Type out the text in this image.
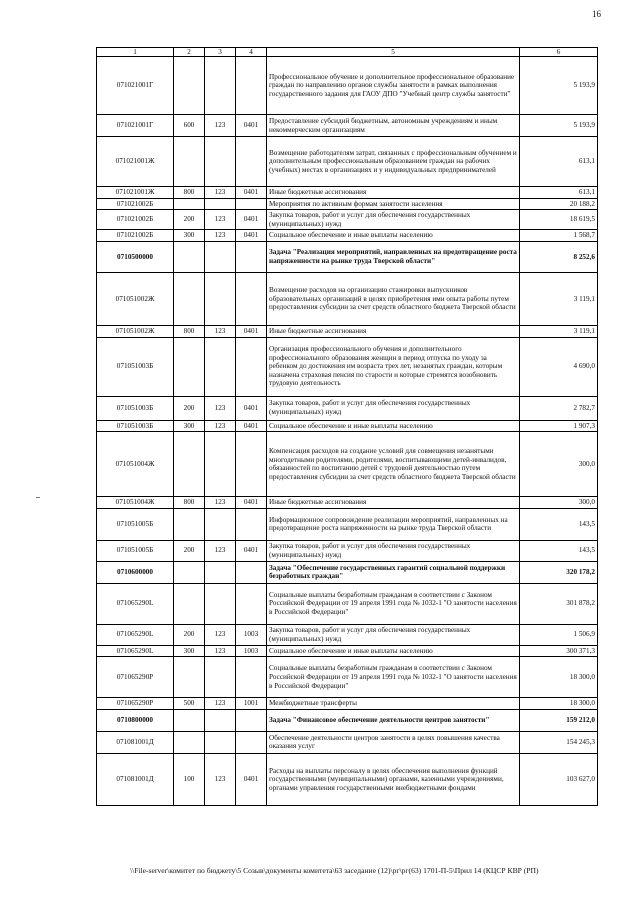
16
1	2	3	4	5	6
071021001Г				Профессиональное обучение и дополнительное профессиональное образование граждан по направлению органов службы занятости в рамках выполнения государственного задания для ГАОУ ДПО "Учебный центр службы занятости"	5 193,9
071021001Г	600	123	0401	Предоставление субсидий бюджетным, автономным учреждениям и иным некоммерческим организациям	5 193,9
071021001Ж				Возмещение работодателям затрат, связанных с профессиональным обучением и дополнительным профессиональным образованием граждан на рабочих (учебных) местах в организациях и у индивидуальных предпринимателей	613,1
071021001Ж	800	123	0401	Иные бюджетные ассигнования	613,1
071021002Б				Мероприятия по активным формам занятости населения	20 188,2
071021002Б	200	123	0401	Закупка товаров, работ и услуг для обеспечения государственных (муниципальных) нужд	18 619,5
071021002Б	300	123	0401	Социальное обеспечение и иные выплаты населению	1 568,7
0710500000				Задача "Реализация мероприятий, направленных на предотвращение роста напряженности на рынке труда Тверской области"	8 252,6
071051002Ж				Возмещение расходов на организацию стажировки выпускников образовательных организаций в целях приобретения ими опыта работы путем предоставления субсидии за счет средств областного бюджета Тверской области	3 119,1
071051002Ж	800	123	0401	Иные бюджетные ассигнования	3 119,1
071051003Б				Организация профессионального обучения и дополнительного профессионального образования женщин в период отпуска по уходу за ребенком до достижения им возраста трех лет, незанятых граждан, которым назначена страховая пенсия по старости и которые стремятся возобновить трудовую деятельность	4 690,0
071051003Б	200	123	0401	Закупка товаров, работ и услуг для обеспечения государственных (муниципальных) нужд	2 782,7
071051003Б	300	123	0401	Социальное обеспечение и иные выплаты населению	1 907,3
071051004Ж				Компенсация расходов на создание условий для совмещения незанятыми многодетными родителями, родителями, воспитывающими детей-инвалидов, обязанностей по воспитанию детей с трудовой деятельностью путем предоставления субсидии за счет средств областного бюджета Тверской области	300,0
071051004Ж	800	123	0401	Иные бюджетные ассигнования	300,0
071051005Б				Информационное сопровождение реализации мероприятий, направленных на предотвращение роста напряженности на рынке труда Тверской области	143,5
071051005Б	200	123	0401	Закупка товаров, работ и услуг для обеспечения государственных (муниципальных) нужд	143,5
0710600000				Задача "Обеспечение государственных гарантий социальной поддержки безработных граждан"	320 178,2
071065290L				Социальные выплаты безработным гражданам в соответствии с Законом Российской Федерации от 19 апреля 1991 года № 1032-1 "О занятости населения в Российской Федерации"	301 878,2
071065290L	200	123	1003	Закупка товаров, работ и услуг для обеспечения государственных (муниципальных) нужд	1 506,9
071065290L	300	123	1003	Социальное обеспечение и иные выплаты населению	300 371,3
071065290Р				Социальные выплаты безработным гражданам в соответствии с Законом Российской Федерации от 19 апреля 1991 года № 1032-1 "О занятости населения в Российской Федерации"	18 300,0
071065290Р	500	123	1001	Межбюджетные трансферты	18 300,0
0710800000				Задача "Финансовое обеспечение деятельности центров занятости"	159 212,0
071081001Д				Обеспечение деятельности центров занятости в целях повышения качества оказания услуг	154 245,3
071081001Д	100	123	0401	Расходы на выплаты персоналу в целях обеспечения выполнения функций государственными (муниципальными) органами, казенными учреждениями, органами управления государственными внебюджетными фондами	103 627,0
\\File-server\комитет по бюджету\5 Созыв\документы комитета\63 заседание (12)\рг\рг(63) 1701-П-5\Прил 14 (КЦСР КВР (РП)
